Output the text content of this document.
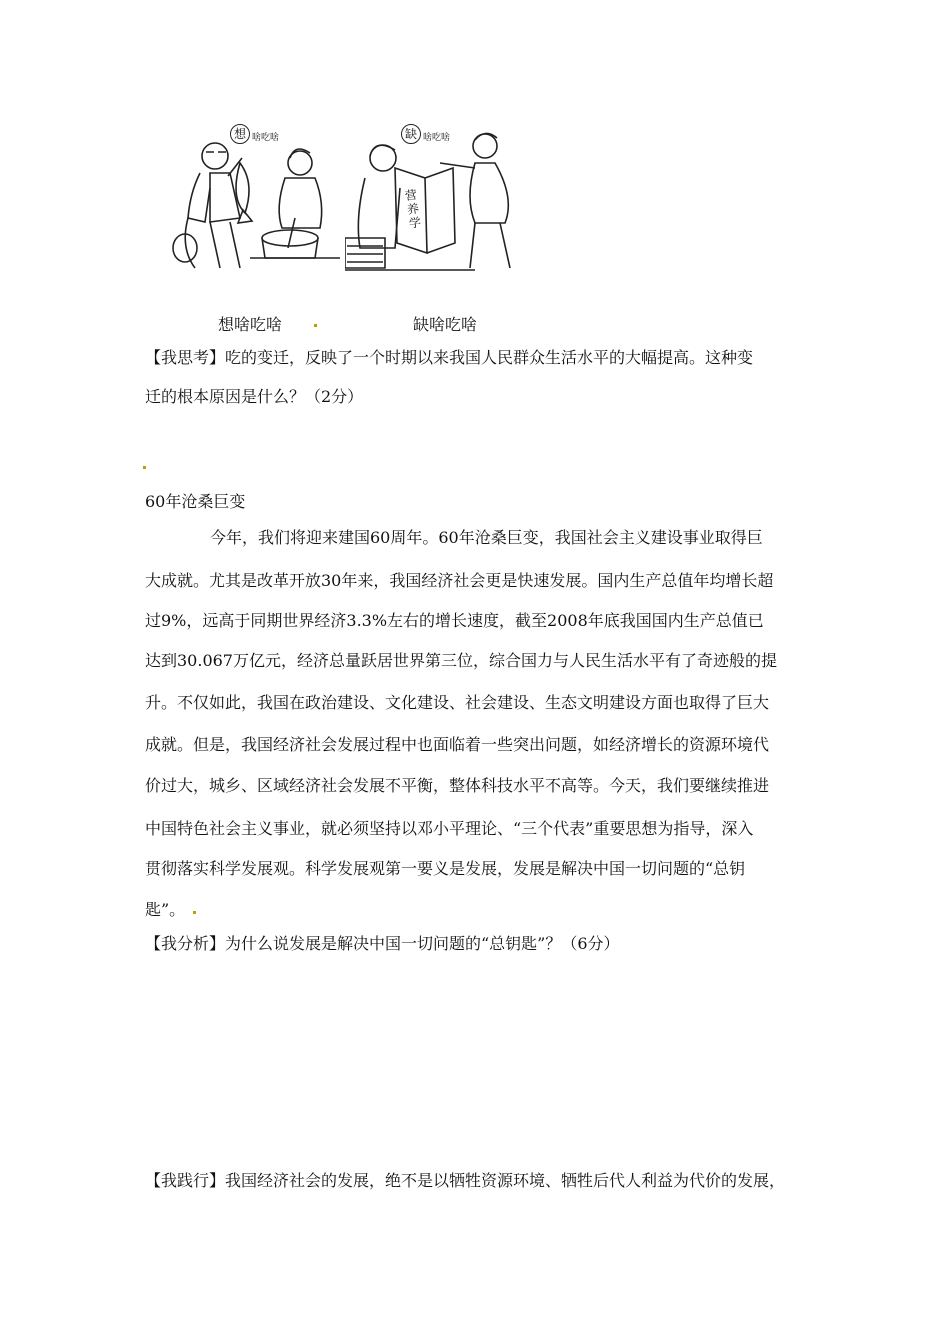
想 啥吃啥
营养学
缺 啥吃啥
想啥吃啥	缺啥吃啥
【我思考】吃的变迁，反映了一个时期以来我国人民群众生活水平的大幅提高。这种变
迁的根本原因是什么？（2分）
60年沧桑巨变
今年，我们将迎来建国60周年。60年沧桑巨变，我国社会主义建设事业取得巨
大成就。尤其是改革开放30年来，我国经济社会更是快速发展。国内生产总值年均增长超
过9%，远高于同期世界经济3.3%左右的增长速度，截至2008年底我国国内生产总值已
达到30.067万亿元，经济总量跃居世界第三位，综合国力与人民生活水平有了奇迹般的提
升。不仅如此，我国在政治建设、文化建设、社会建设、生态文明建设方面也取得了巨大
成就。但是，我国经济社会发展过程中也面临着一些突出问题，如经济增长的资源环境代
价过大，城乡、区域经济社会发展不平衡，整体科技水平不高等。今天，我们要继续推进
中国特色社会主义事业，就必须坚持以邓小平理论、“三个代表”重要思想为指导，深入
贯彻落实科学发展观。科学发展观第一要义是发展，发展是解决中国一切问题的“总钥
匙”。
【我分析】为什么说发展是解决中国一切问题的“总钥匙”？（6分）
【我践行】我国经济社会的发展，绝不是以牺牲资源环境、牺牲后代人利益为代价的发展，
